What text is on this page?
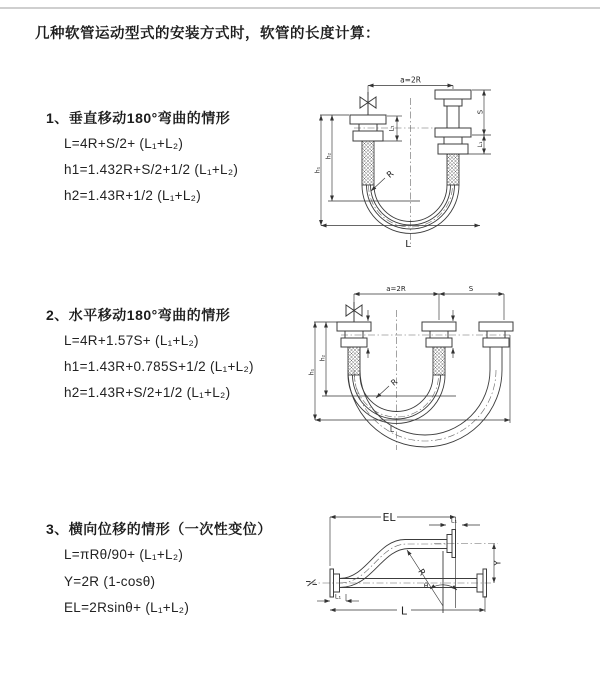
几种软管运动型式的安装方式时，软管的长度计算：
1、垂直移动180°弯曲的情形
L=4R+S/2+ (L₁+L₂)
h1=1.432R+S/2+1/2 (L₁+L₂)
h2=1.43R+1/2 (L₁+L₂)
2、水平移动180°弯曲的情形
L=4R+1.57S+ (L₁+L₂)
h1=1.43R+0.785S+1/2 (L₁+L₂)
h2=1.43R+S/2+1/2 (L₁+L₂)
3、横向位移的情形（一次性变位）
L=πRθ/90+ (L₁+L₂)
Y=2R (1-cosθ)
EL=2Rsinθ+ (L₁+L₂)
a=2R
L₁
S
L₁
h₂
h₁
L
R
a=2R	S
h₂
h₁
L
R
R
θ
EL	L₁
Y
L
L₁
